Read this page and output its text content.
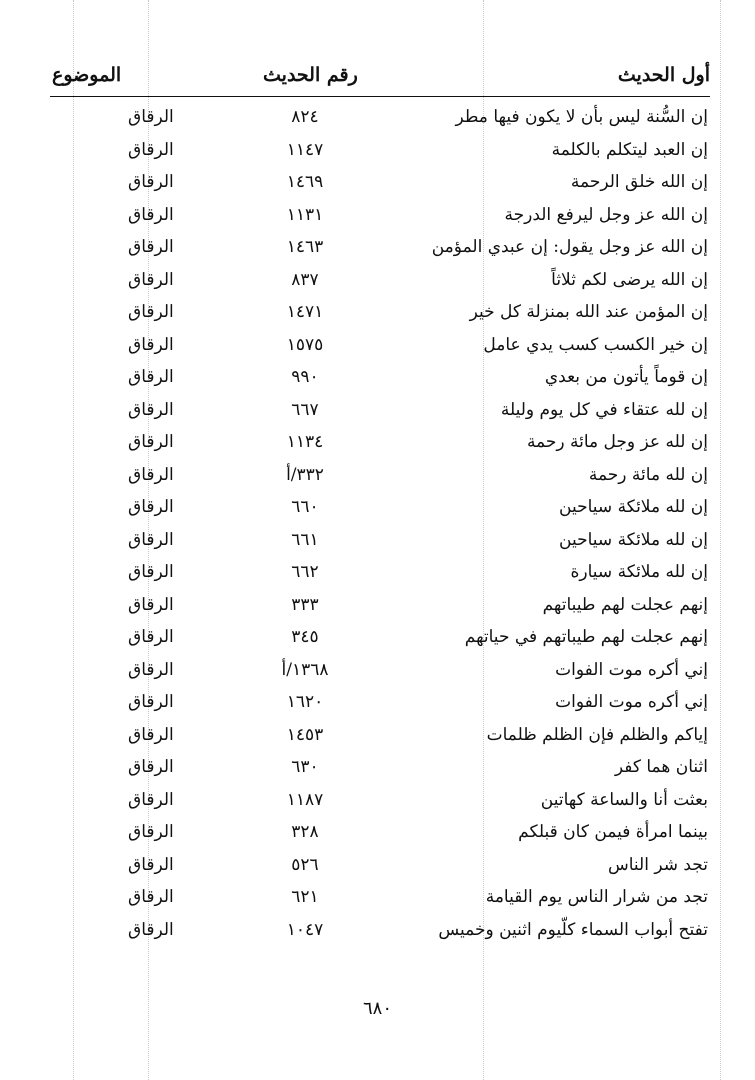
أول الحديث
رقم الحديث
الموضوع
إن السُّنة ليس بأن لا يكون فيها مطر
٨٢٤
الرقاق
إن العبد ليتكلم بالكلمة
١١٤٧
الرقاق
إن الله خلق الرحمة
١٤٦٩
الرقاق
إن الله عز وجل ليرفع الدرجة
١١٣١
الرقاق
إن الله عز وجل يقول: إن عبدي المؤمن
١٤٦٣
الرقاق
إن الله يرضى لكم ثلاثاً
٨٣٧
الرقاق
إن المؤمن عند الله بمنزلة كل خير
١٤٧١
الرقاق
إن خير الكسب كسب يدي عامل
١٥٧٥
الرقاق
إن قوماً يأتون من بعدي
٩٩٠
الرقاق
إن لله عتقاء في كل يوم وليلة
٦٦٧
الرقاق
إن لله عز وجل مائة رحمة
١١٣٤
الرقاق
إن لله مائة رحمة
٣٣٢/أ
الرقاق
إن لله ملائكة سياحين
٦٦٠
الرقاق
إن لله ملائكة سياحين
٦٦١
الرقاق
إن لله ملائكة سيارة
٦٦٢
الرقاق
إنهم عجلت لهم طيباتهم
٣٣٣
الرقاق
إنهم عجلت لهم طيباتهم في حياتهم
٣٤٥
الرقاق
إني أكره موت الفوات
١٣٦٨/أ
الرقاق
إني أكره موت الفوات
١٦٢٠
الرقاق
إياكم والظلم فإن الظلم ظلمات
١٤٥٣
الرقاق
اثنان هما كفر
٦٣٠
الرقاق
بعثت أنا والساعة كهاتين
١١٨٧
الرقاق
بينما امرأة فيمن كان قبلكم
٣٢٨
الرقاق
تجد شر الناس
٥٢٦
الرقاق
تجد من شرار الناس يوم القيامة
٦٢١
الرقاق
تفتح أبواب السماء كلّيوم اثنين وخميس
١٠٤٧
الرقاق
٦٨٠
